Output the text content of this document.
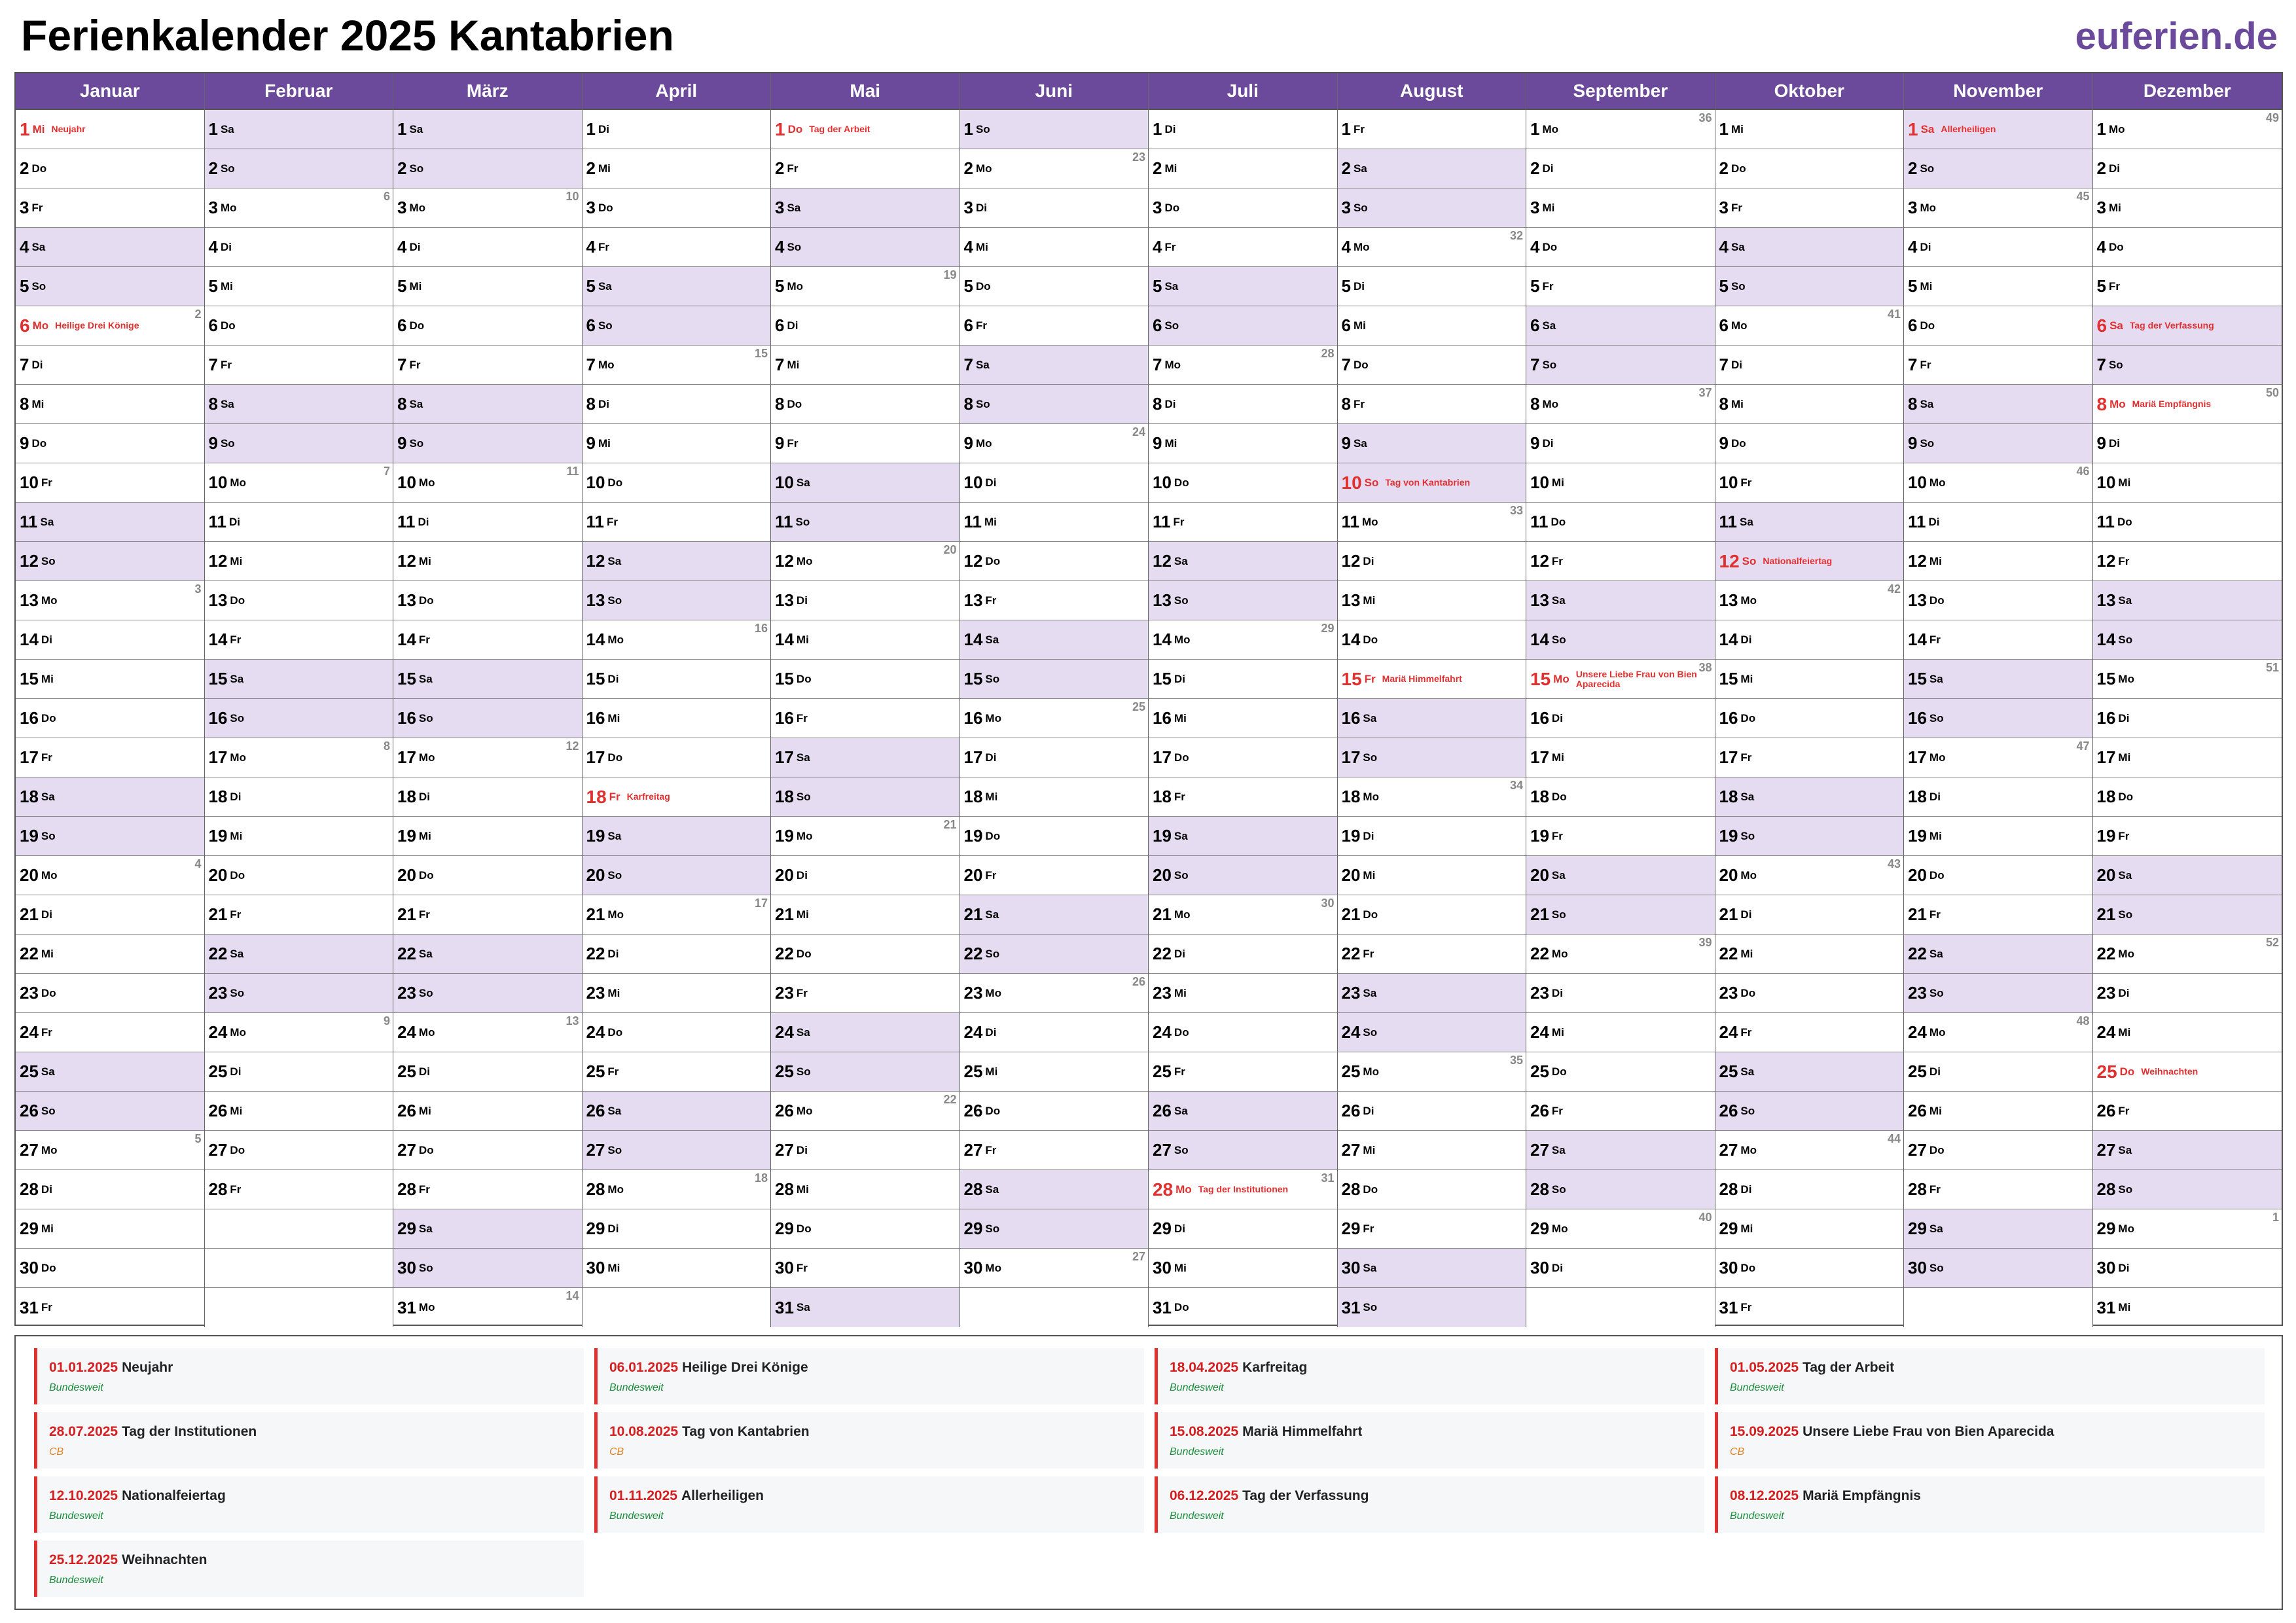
Ferienkalender 2025 Kantabrien	euferien.de
Januar
1 Mi Neujahr
2 Do
3 Fr
4 Sa
5 So
6 Mo Heilige Drei Könige
2
7 Di
8 Mi
9 Do
10 Fr
11 Sa
12 So
13 Mo
3
14 Di
15 Mi
16 Do
17 Fr
18 Sa
19 So
20 Mo
4
21 Di
22 Mi
23 Do
24 Fr
25 Sa
26 So
27 Mo
5
28 Di
29 Mi
30 Do
31 Fr
Februar
1 Sa
2 So
3 Mo
6
4 Di
5 Mi
6 Do
7 Fr
8 Sa
9 So
10 Mo
7
11 Di
12 Mi
13 Do
14 Fr
15 Sa
16 So
17 Mo
8
18 Di
19 Mi
20 Do
21 Fr
22 Sa
23 So
24 Mo
9
25 Di
26 Mi
27 Do
28 Fr
März
1 Sa
2 So
3 Mo
10
4 Di
5 Mi
6 Do
7 Fr
8 Sa
9 So
10 Mo
11
11 Di
12 Mi
13 Do
14 Fr
15 Sa
16 So
17 Mo
12
18 Di
19 Mi
20 Do
21 Fr
22 Sa
23 So
24 Mo
13
25 Di
26 Mi
27 Do
28 Fr
29 Sa
30 So
31 Mo
14
April
1 Di
2 Mi
3 Do
4 Fr
5 Sa
6 So
7 Mo
15
8 Di
9 Mi
10 Do
11 Fr
12 Sa
13 So
14 Mo
16
15 Di
16 Mi
17 Do
18 Fr Karfreitag
19 Sa
20 So
21 Mo
17
22 Di
23 Mi
24 Do
25 Fr
26 Sa
27 So
28 Mo
18
29 Di
30 Mi
Mai
1 Do Tag der Arbeit
2 Fr
3 Sa
4 So
5 Mo
19
6 Di
7 Mi
8 Do
9 Fr
10 Sa
11 So
12 Mo
20
13 Di
14 Mi
15 Do
16 Fr
17 Sa
18 So
19 Mo
21
20 Di
21 Mi
22 Do
23 Fr
24 Sa
25 So
26 Mo
22
27 Di
28 Mi
29 Do
30 Fr
31 Sa
Juni
1 So
2 Mo
23
3 Di
4 Mi
5 Do
6 Fr
7 Sa
8 So
9 Mo
24
10 Di
11 Mi
12 Do
13 Fr
14 Sa
15 So
16 Mo
25
17 Di
18 Mi
19 Do
20 Fr
21 Sa
22 So
23 Mo
26
24 Di
25 Mi
26 Do
27 Fr
28 Sa
29 So
30 Mo
27
Juli
1 Di
2 Mi
3 Do
4 Fr
5 Sa
6 So
7 Mo
28
8 Di
9 Mi
10 Do
11 Fr
12 Sa
13 So
14 Mo
29
15 Di
16 Mi
17 Do
18 Fr
19 Sa
20 So
21 Mo
30
22 Di
23 Mi
24 Do
25 Fr
26 Sa
27 So
28 Mo Tag der Institutionen
31
29 Di
30 Mi
31 Do
August
1 Fr
2 Sa
3 So
4 Mo
32
5 Di
6 Mi
7 Do
8 Fr
9 Sa
10 So Tag von Kantabrien
11 Mo
33
12 Di
13 Mi
14 Do
15 Fr Mariä Himmelfahrt
16 Sa
17 So
18 Mo
34
19 Di
20 Mi
21 Do
22 Fr
23 Sa
24 So
25 Mo
35
26 Di
27 Mi
28 Do
29 Fr
30 Sa
31 So
September
1 Mo
36
2 Di
3 Mi
4 Do
5 Fr
6 Sa
7 So
8 Mo
37
9 Di
10 Mi
11 Do
12 Fr
13 Sa
14 So
15 Mo Unsere Liebe Frau von Bien Aparecida
38
16 Di
17 Mi
18 Do
19 Fr
20 Sa
21 So
22 Mo
39
23 Di
24 Mi
25 Do
26 Fr
27 Sa
28 So
29 Mo
40
30 Di
Oktober
1 Mi
2 Do
3 Fr
4 Sa
5 So
6 Mo
41
7 Di
8 Mi
9 Do
10 Fr
11 Sa
12 So Nationalfeiertag
13 Mo
42
14 Di
15 Mi
16 Do
17 Fr
18 Sa
19 So
20 Mo
43
21 Di
22 Mi
23 Do
24 Fr
25 Sa
26 So
27 Mo
44
28 Di
29 Mi
30 Do
31 Fr
November
1 Sa Allerheiligen
2 So
3 Mo
45
4 Di
5 Mi
6 Do
7 Fr
8 Sa
9 So
10 Mo
46
11 Di
12 Mi
13 Do
14 Fr
15 Sa
16 So
17 Mo
47
18 Di
19 Mi
20 Do
21 Fr
22 Sa
23 So
24 Mo
48
25 Di
26 Mi
27 Do
28 Fr
29 Sa
30 So
Dezember
1 Mo
49
2 Di
3 Mi
4 Do
5 Fr
6 Sa Tag der Verfassung
7 So
8 Mo Mariä Empfängnis
50
9 Di
10 Mi
11 Do
12 Fr
13 Sa
14 So
15 Mo
51
16 Di
17 Mi
18 Do
19 Fr
20 Sa
21 So
22 Mo
52
23 Di
24 Mi
25 Do Weihnachten
26 Fr
27 Sa
28 So
29 Mo
1
30 Di
31 Mi
01.01.2025 Neujahr
Bundesweit
06.01.2025 Heilige Drei Könige
Bundesweit
18.04.2025 Karfreitag
Bundesweit
01.05.2025 Tag der Arbeit
Bundesweit
28.07.2025 Tag der Institutionen
CB
10.08.2025 Tag von Kantabrien
CB
15.08.2025 Mariä Himmelfahrt
Bundesweit
15.09.2025 Unsere Liebe Frau von Bien Aparecida
CB
12.10.2025 Nationalfeiertag
Bundesweit
01.11.2025 Allerheiligen
Bundesweit
06.12.2025 Tag der Verfassung
Bundesweit
08.12.2025 Mariä Empfängnis
Bundesweit
25.12.2025 Weihnachten
Bundesweit
